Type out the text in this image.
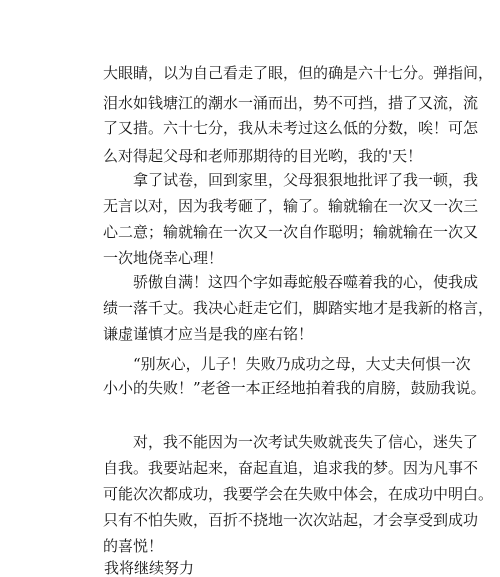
大眼睛，以为自己看走了眼，但的确是六十七分。弹指间，
泪水如钱塘江的潮水一涌而出，势不可挡，措了又流，流
了又措。六十七分，我从未考过这么低的分数，唉！可怎
么对得起父母和老师那期待的目光哟，我的'天！
拿了试卷，回到家里，父母狠狠地批评了我一顿，我
无言以对，因为我考砸了，输了。输就输在一次又一次三
心二意；输就输在一次又一次自作聪明；输就输在一次又
一次地侥幸心理！
骄傲自满！这四个字如毒蛇般吞噬着我的心，使我成
绩一落千丈。我决心赶走它们，脚踏实地才是我新的格言，
谦虚谨慎才应当是我的座右铭！
“别灰心，儿子！失败乃成功之母，大丈夫何惧一次
小小的失败！”老爸一本正经地拍着我的肩膀，鼓励我说。
对，我不能因为一次考试失败就丧失了信心，迷失了
自我。我要站起来，奋起直追，追求我的梦。因为凡事不
可能次次都成功，我要学会在失败中体会，在成功中明白。
只有不怕失败，百折不挠地一次次站起，才会享受到成功
的喜悦！
我将继续努力
